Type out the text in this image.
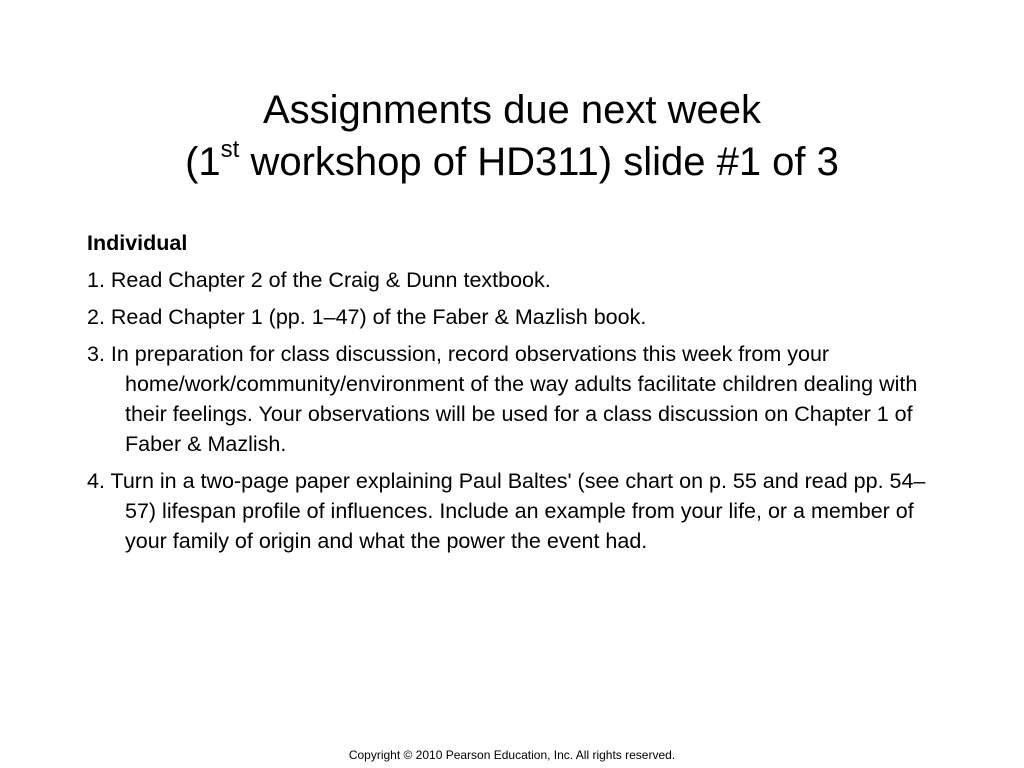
Assignments due next week
(1st workshop of HD311) slide #1 of 3
Individual
1. Read Chapter 2 of the Craig & Dunn textbook.
2. Read Chapter 1 (pp. 1–47) of the Faber & Mazlish book.
3. In preparation for class discussion, record observations this week from your home/work/community/environment of the way adults facilitate children dealing with their feelings. Your observations will be used for a class discussion on Chapter 1 of Faber & Mazlish.
4. Turn in a two-page paper explaining Paul Baltes' (see chart on p. 55 and read pp. 54–57) lifespan profile of influences. Include an example from your life, or a member of your family of origin and what the power the event had.
Copyright © 2010 Pearson Education, Inc. All rights reserved.
